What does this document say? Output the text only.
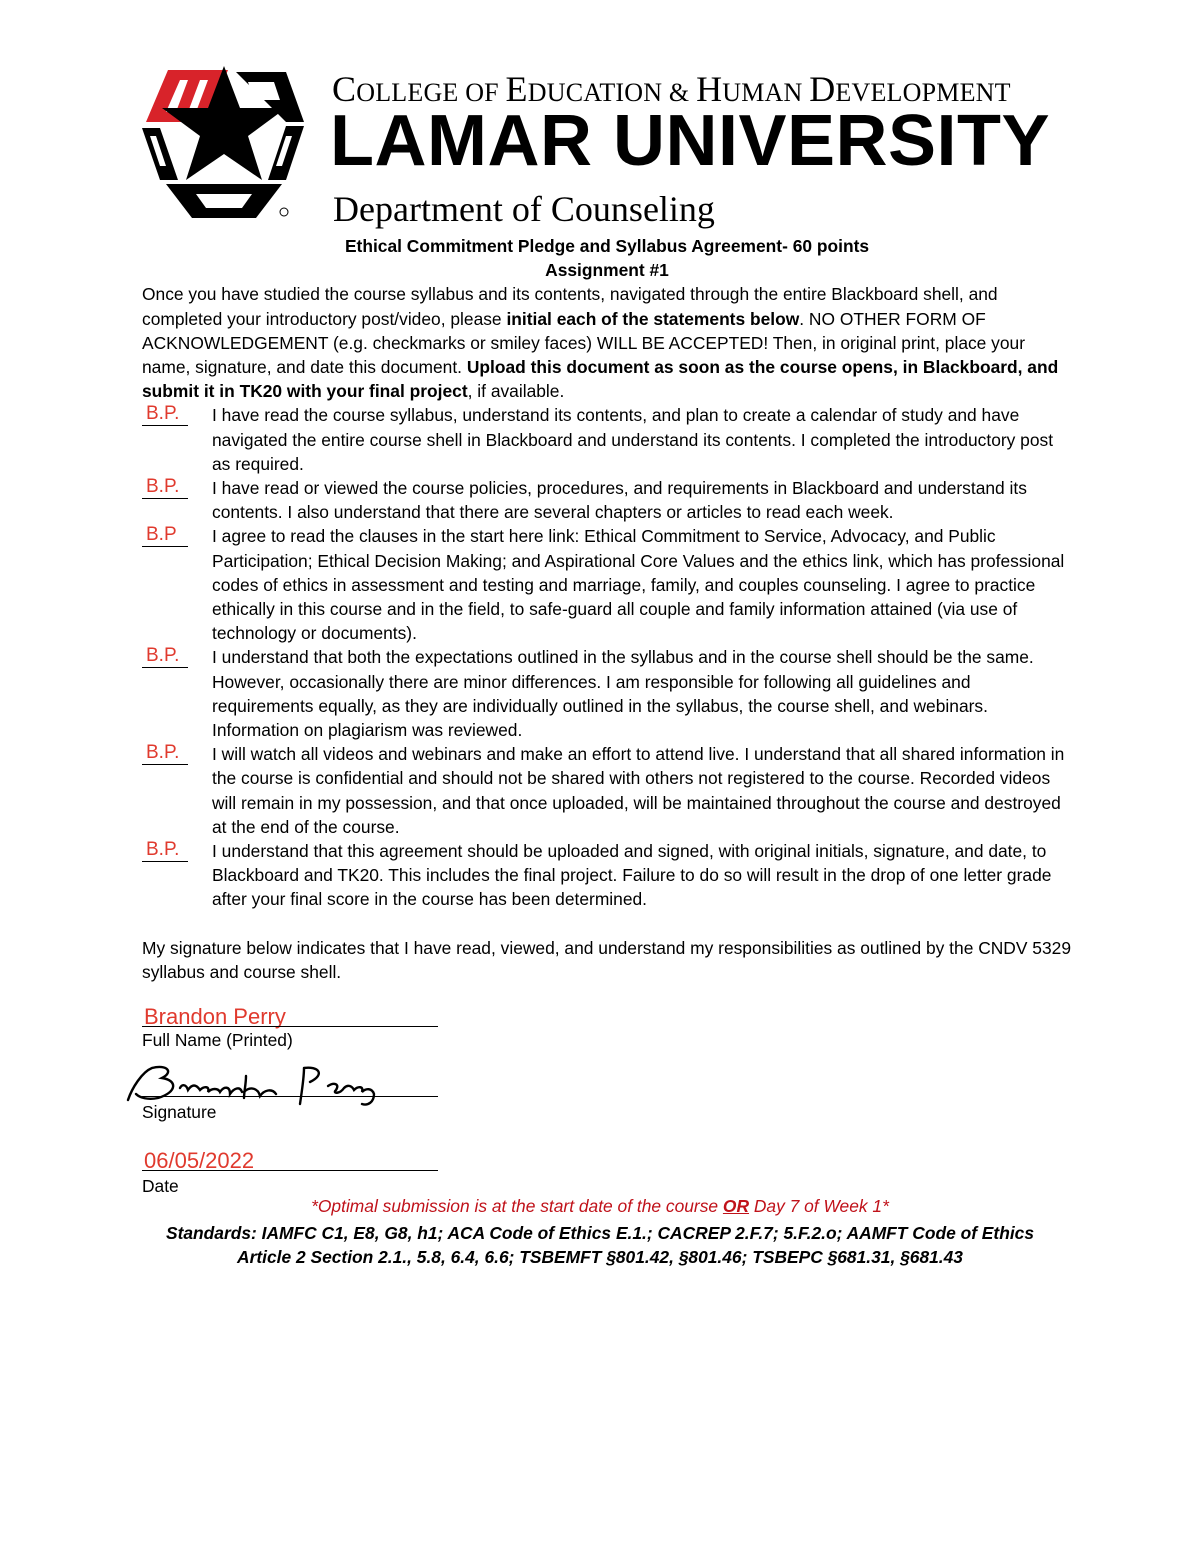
COLLEGE OF EDUCATION & HUMAN DEVELOPMENT
LAMAR UNIVERSITY
Department of Counseling
Ethical Commitment Pledge and Syllabus Agreement- 60 points
Assignment #1

Once you have studied the course syllabus and its contents, navigated through the entire Blackboard shell, and completed your introductory post/video, please initial each of the statements below. NO OTHER FORM OF ACKNOWLEDGEMENT (e.g. checkmarks or smiley faces) WILL BE ACCEPTED! Then, in original print, place your name, signature, and date this document. Upload this document as soon as the course opens, in Blackboard, and submit it in TK20 with your final project, if available.

B.P.	I have read the course syllabus, understand its contents, and plan to create a calendar of study and have navigated the entire course shell in Blackboard and understand its contents. I completed the introductory post as required.

B.P.	I have read or viewed the course policies, procedures, and requirements in Blackboard and understand its contents. I also understand that there are several chapters or articles to read each week.

B.P	I agree to read the clauses in the start here link: Ethical Commitment to Service, Advocacy, and Public Participation; Ethical Decision Making; and Aspirational Core Values and the ethics link, which has professional codes of ethics in assessment and testing and marriage, family, and couples counseling. I agree to practice ethically in this course and in the field, to safe-guard all couple and family information attained (via use of technology or documents).

B.P.	I understand that both the expectations outlined in the syllabus and in the course shell should be the same. However, occasionally there are minor differences. I am responsible for following all guidelines and requirements equally, as they are individually outlined in the syllabus, the course shell, and webinars. Information on plagiarism was reviewed.

B.P.	I will watch all videos and webinars and make an effort to attend live. I understand that all shared information in the course is confidential and should not be shared with others not registered to the course. Recorded videos will remain in my possession, and that once uploaded, will be maintained throughout the course and destroyed at the end of the course.

B.P.	I understand that this agreement should be uploaded and signed, with original initials, signature, and date, to Blackboard and TK20. This includes the final project. Failure to do so will result in the drop of one letter grade after your final score in the course has been determined.

My signature below indicates that I have read, viewed, and understand my responsibilities as outlined by the CNDV 5329 syllabus and course shell.

Brandon Perry
Full Name (Printed)
Signature
06/05/2022
Date
*Optimal submission is at the start date of the course OR Day 7 of Week 1*
Standards: IAMFC C1, E8, G8, h1; ACA Code of Ethics E.1.; CACREP 2.F.7; 5.F.2.o; AAMFT Code of Ethics
Article 2 Section 2.1., 5.8, 6.4, 6.6; TSBEMFT §801.42, §801.46; TSBEPC §681.31, §681.43
